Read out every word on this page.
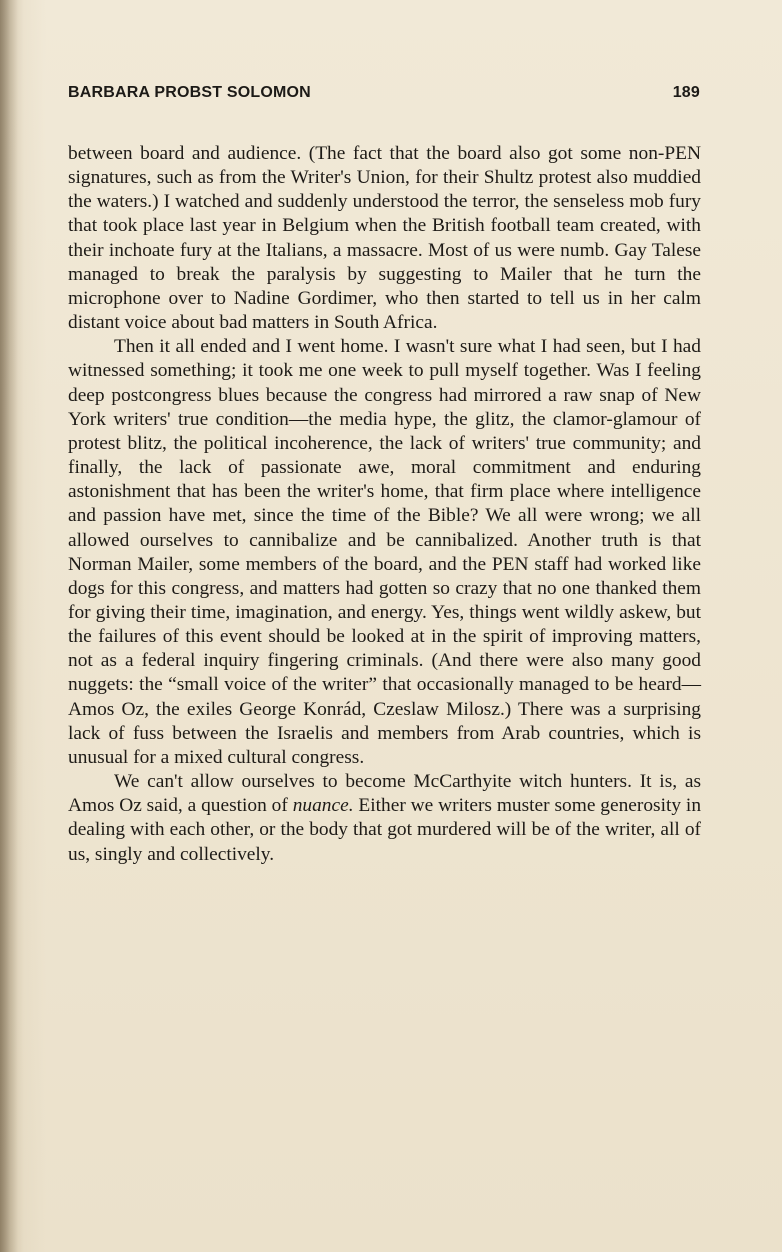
BARBARA PROBST SOLOMON	189

between board and audience. (The fact that the board also got some non-PEN signatures, such as from the Writer's Union, for their Shultz protest also muddied the waters.) I watched and suddenly understood the terror, the senseless mob fury that took place last year in Belgium when the British football team created, with their inchoate fury at the Italians, a massacre. Most of us were numb. Gay Talese managed to break the paralysis by suggesting to Mailer that he turn the microphone over to Nadine Gordimer, who then started to tell us in her calm distant voice about bad matters in South Africa.

Then it all ended and I went home. I wasn't sure what I had seen, but I had witnessed something; it took me one week to pull myself together. Was I feeling deep postcongress blues because the congress had mirrored a raw snap of New York writers' true condition—the media hype, the glitz, the clamor-glamour of protest blitz, the political incoherence, the lack of writers' true community; and finally, the lack of passionate awe, moral commitment and enduring astonishment that has been the writer's home, that firm place where intelligence and passion have met, since the time of the Bible? We all were wrong; we all allowed ourselves to cannibalize and be cannibalized. Another truth is that Norman Mailer, some members of the board, and the PEN staff had worked like dogs for this congress, and matters had gotten so crazy that no one thanked them for giving their time, imagination, and energy. Yes, things went wildly askew, but the failures of this event should be looked at in the spirit of improving matters, not as a federal inquiry fingering criminals. (And there were also many good nuggets: the “small voice of the writer” that occasionally managed to be heard—Amos Oz, the exiles George Konrád, Czeslaw Milosz.) There was a surprising lack of fuss between the Israelis and members from Arab countries, which is unusual for a mixed cultural congress.

We can't allow ourselves to become McCarthyite witch hunters. It is, as Amos Oz said, a question of nuance. Either we writers muster some generosity in dealing with each other, or the body that got murdered will be of the writer, all of us, singly and collectively.
